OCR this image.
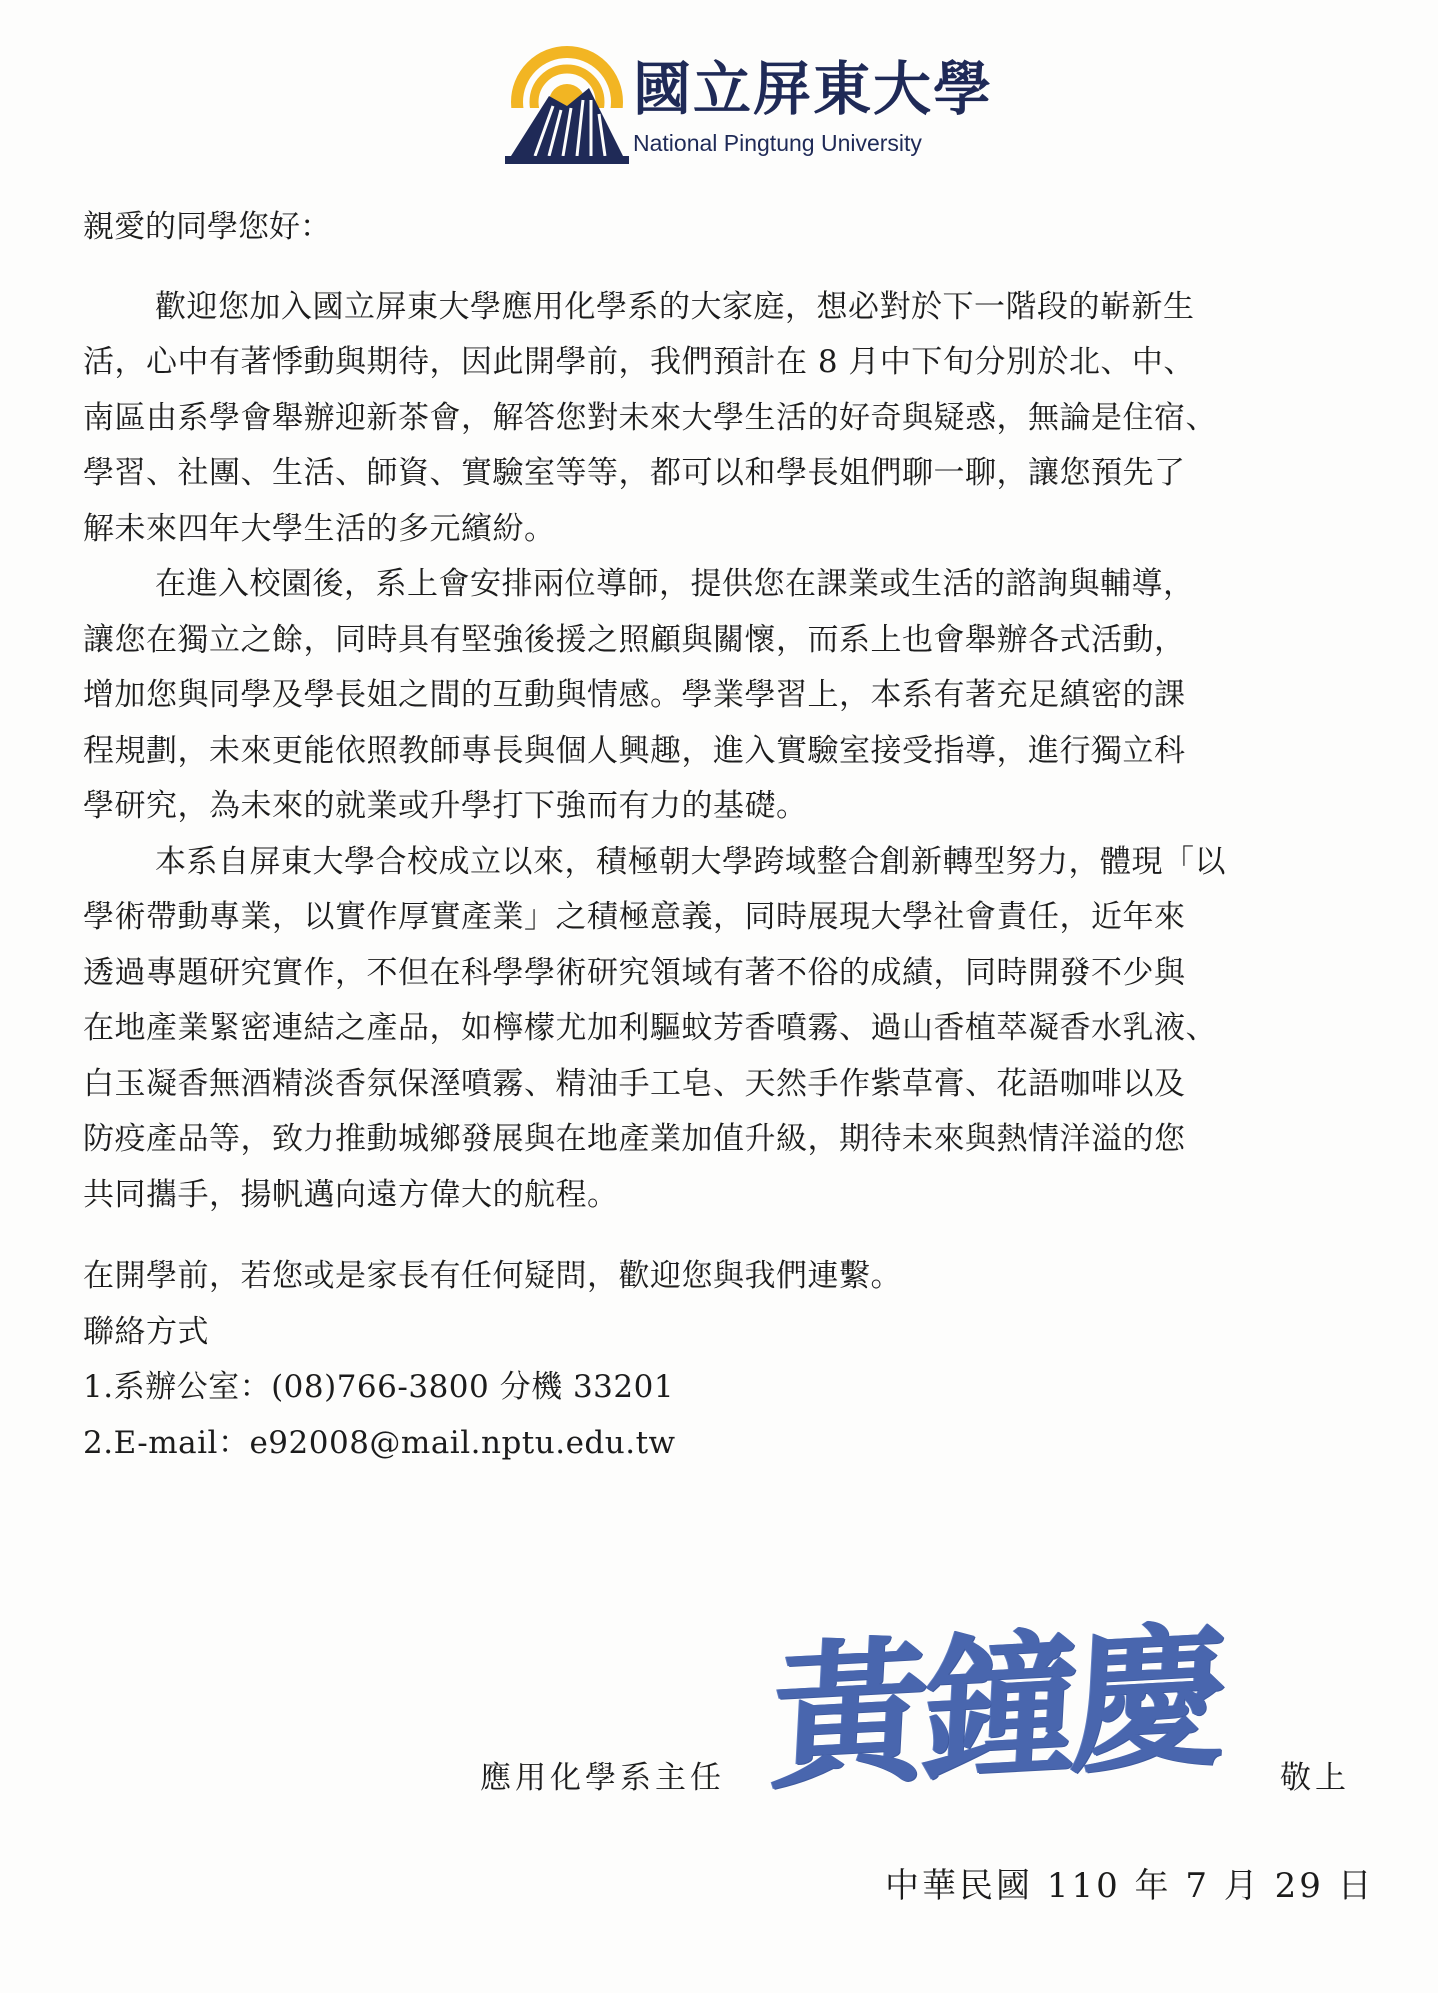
國立屏東大學
National Pingtung University
親愛的同學您好：
歡迎您加入國立屏東大學應用化學系的大家庭，想必對於下一階段的嶄新生
活，心中有著悸動與期待，因此開學前，我們預計在 8 月中下旬分別於北、中、
南區由系學會舉辦迎新茶會，解答您對未來大學生活的好奇與疑惑，無論是住宿、
學習、社團、生活、師資、實驗室等等，都可以和學長姐們聊一聊，讓您預先了
解未來四年大學生活的多元繽紛。
在進入校園後，系上會安排兩位導師，提供您在課業或生活的諮詢與輔導，
讓您在獨立之餘，同時具有堅強後援之照顧與關懷，而系上也會舉辦各式活動，
增加您與同學及學長姐之間的互動與情感。學業學習上，本系有著充足縝密的課
程規劃，未來更能依照教師專長與個人興趣，進入實驗室接受指導，進行獨立科
學研究，為未來的就業或升學打下強而有力的基礎。
本系自屏東大學合校成立以來，積極朝大學跨域整合創新轉型努力，體現「以
學術帶動專業，以實作厚實產業」之積極意義，同時展現大學社會責任，近年來
透過專題研究實作，不但在科學學術研究領域有著不俗的成績，同時開發不少與
在地產業緊密連結之產品，如檸檬尤加利驅蚊芳香噴霧、過山香植萃凝香水乳液、
白玉凝香無酒精淡香氛保溼噴霧、精油手工皂、天然手作紫草膏、花語咖啡以及
防疫產品等，致力推動城鄉發展與在地產業加值升級，期待未來與熱情洋溢的您
共同攜手，揚帆邁向遠方偉大的航程。
在開學前，若您或是家長有任何疑問，歡迎您與我們連繫。
聯絡方式
1.系辦公室：(08)766-3800 分機 33201
2.E-mail：e92008@mail.nptu.edu.tw
應用化學系主任 黃鐘慶 敬上
中華民國 110 年 7 月 29 日
